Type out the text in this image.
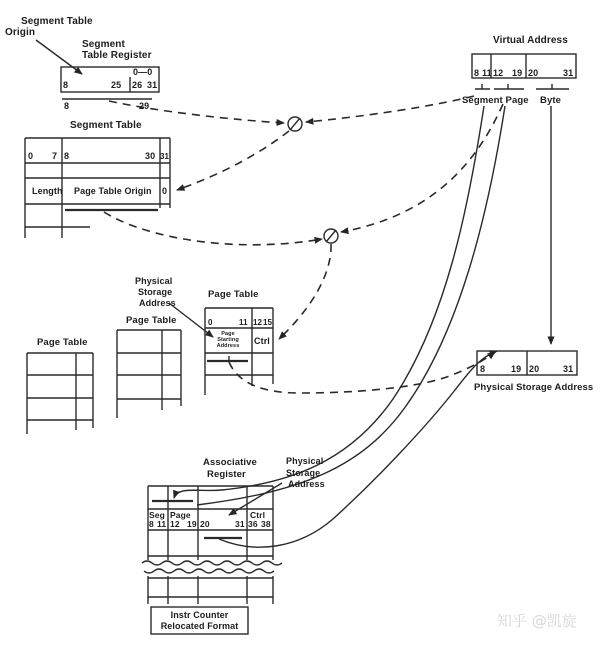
Segment Table
Origin
Segment
Table Register
0—0
8	25 26 31
8	29
Segment Table
0 7 8	30 31
Length Page Table Origin 0
Virtual Address
8 11 12 19 20	31
Segment Page Byte
Physical
Storage
Address
Page Table
0	11 12 15
Page
Starting
Address	Ctrl
Page Table
Page Table
8	19 20	31
Physical Storage Address
Associative
Register
Physical
Storage
Address
Seg
8 11
Page
12 19 20	31
Ctrl
36 38
Instr Counter
Relocated Format	知乎 @凯旋
